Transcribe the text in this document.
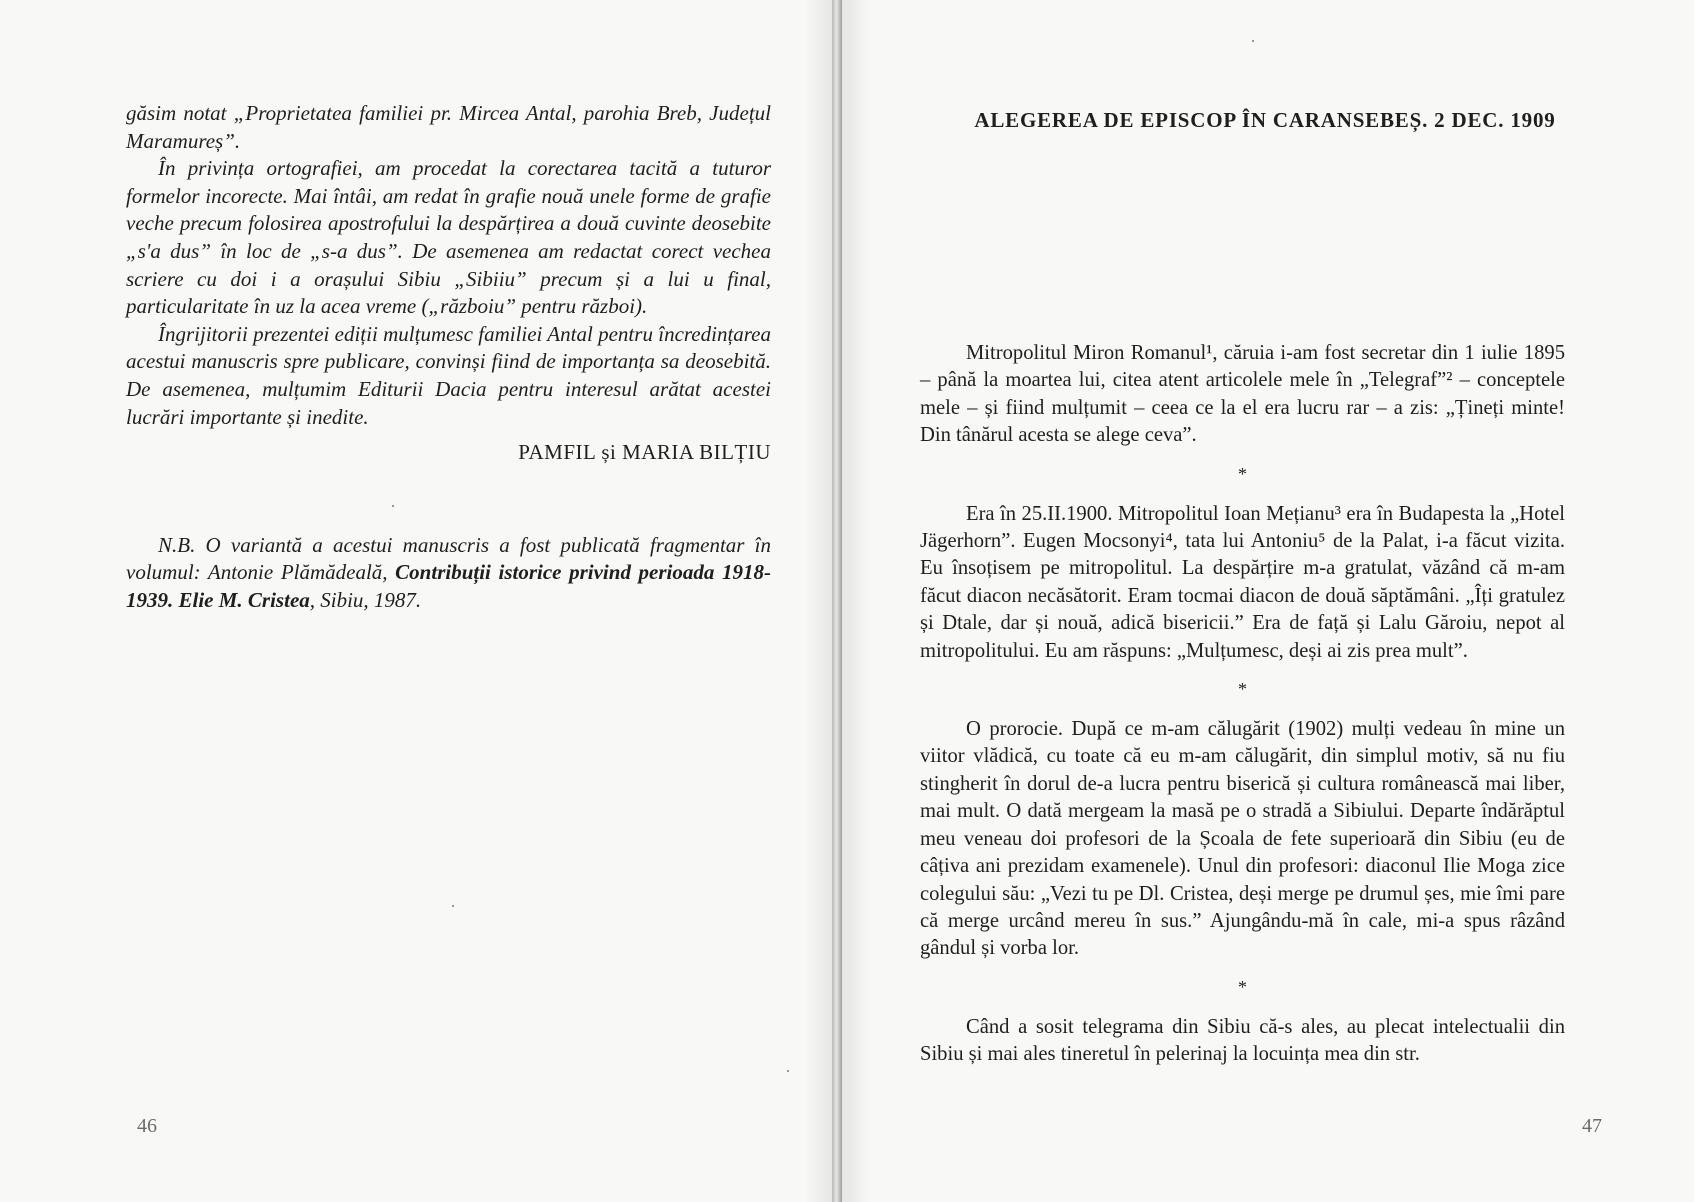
găsim notat „Proprietatea familiei pr. Mircea Antal, parohia Breb, Județul Maramureș”.

În privința ortografiei, am procedat la corectarea tacită a tuturor formelor incorecte. Mai întâi, am redat în grafie nouă unele forme de grafie veche precum folosirea apostrofului la despărțirea a două cuvinte deosebite „s'a dus” în loc de „s-a dus”. De asemenea am redactat corect vechea scriere cu doi i a orașului Sibiu „Sibiiu” precum și a lui u final, particularitate în uz la acea vreme („războiu” pentru război).

Îngrijitorii prezentei ediții mulțumesc familiei Antal pentru încredințarea acestui manuscris spre publicare, convinși fiind de importanța sa deosebită. De asemenea, mulțumim Editurii Dacia pentru interesul arătat acestei lucrări importante și inedite.

PAMFIL și MARIA BILȚIU

N.B. O variantă a acestui manuscris a fost publicată fragmentar în volumul: Antonie Plămădeală, Contribuții istorice privind perioada 1918-1939. Elie M. Cristea, Sibiu, 1987.

46
ALEGEREA DE EPISCOP ÎN CARANSEBEȘ. 2 DEC. 1909

Mitropolitul Miron Romanul¹, căruia i-am fost secretar din 1 iulie 1895 – până la moartea lui, citea atent articolele mele în „Telegraf”² – conceptele mele – și fiind mulțumit – ceea ce la el era lucru rar – a zis: „Țineți minte! Din tânărul acesta se alege ceva”.

*

Era în 25.II.1900. Mitropolitul Ioan Mețianu³ era în Budapesta la „Hotel Jägerhorn”. Eugen Mocsonyi⁴, tata lui Antoniu⁵ de la Palat, i-a făcut vizita. Eu însoțisem pe mitropolitul. La despărțire m-a gratulat, văzând că m-am făcut diacon necăsătorit. Eram tocmai diacon de două săptămâni. „Îți gratulez și Dtale, dar și nouă, adică bisericii.” Era de față și Lalu Găroiu, nepot al mitropolitului. Eu am răspuns: „Mulțumesc, deși ai zis prea mult”.

*

O prorocie. După ce m-am călugărit (1902) mulți vedeau în mine un viitor vlădică, cu toate că eu m-am călugărit, din simplul motiv, să nu fiu stingherit în dorul de-a lucra pentru biserică și cultura românească mai liber, mai mult. O dată mergeam la masă pe o stradă a Sibiului. Departe îndărăptul meu veneau doi profesori de la Școala de fete superioară din Sibiu (eu de câțiva ani prezidam examenele). Unul din profesori: diaconul Ilie Moga zice colegului său: „Vezi tu pe Dl. Cristea, deși merge pe drumul șes, mie îmi pare că merge urcând mereu în sus.” Ajungându-mă în cale, mi-a spus râzând gândul și vorba lor.

*

Când a sosit telegrama din Sibiu că-s ales, au plecat intelectualii din Sibiu și mai ales tineretul în pelerinaj la locuința mea din str.

47
